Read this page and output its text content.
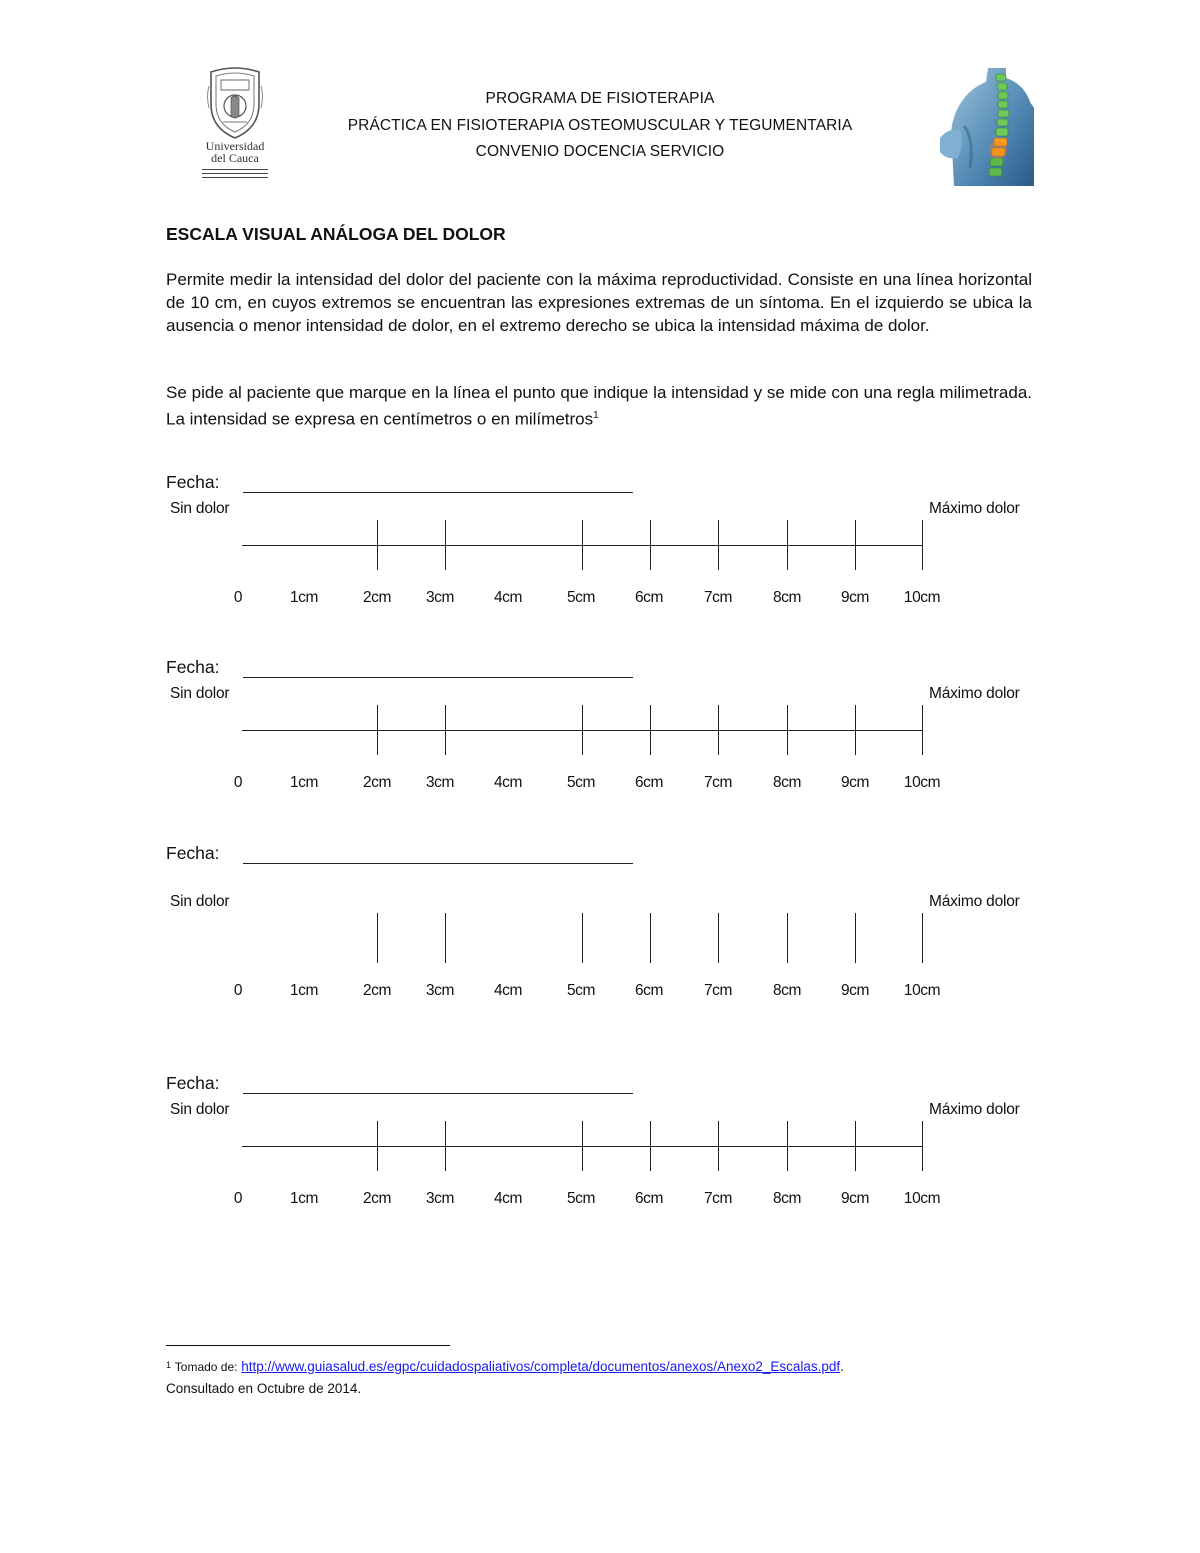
Universidad
del Cauca
PROGRAMA DE FISIOTERAPIA
PRÁCTICA EN FISIOTERAPIA OSTEOMUSCULAR Y TEGUMENTARIA
CONVENIO DOCENCIA SERVICIO
ESCALA VISUAL ANÁLOGA DEL DOLOR
Permite medir la intensidad del dolor del paciente con la máxima reproductividad. Consiste en una línea horizontal de 10 cm, en cuyos extremos se encuentran las expresiones extremas de un síntoma. En el izquierdo se ubica la ausencia o menor intensidad de dolor, en el extremo derecho se ubica la intensidad máxima de dolor.
Se pide al paciente que marque en la línea el punto que indique la intensidad y se mide con una regla milimetrada. La intensidad se expresa en centímetros o en milímetros$^1$
Fecha:
Sin dolor	Máximo dolor
0	1cm	2cm 3cm	4cm	5cm	6cm	7cm	8cm	9cm 10cm
Fecha:
Sin dolor	Máximo dolor
0	1cm	2cm 3cm	4cm	5cm	6cm	7cm	8cm	9cm 10cm
Fecha:
Sin dolor	Máximo dolor
0	1cm	2cm 3cm	4cm	5cm	6cm	7cm	8cm	9cm 10cm
Fecha:
Sin dolor	Máximo dolor
0	1cm	2cm 3cm	4cm	5cm	6cm	7cm	8cm	9cm 10cm
$^1$ Tomado de: http://www.guiasalud.es/egpc/cuidadospaliativos/completa/documentos/anexos/Anexo2_Escalas.pdf.
Consultado en Octubre de 2014.
